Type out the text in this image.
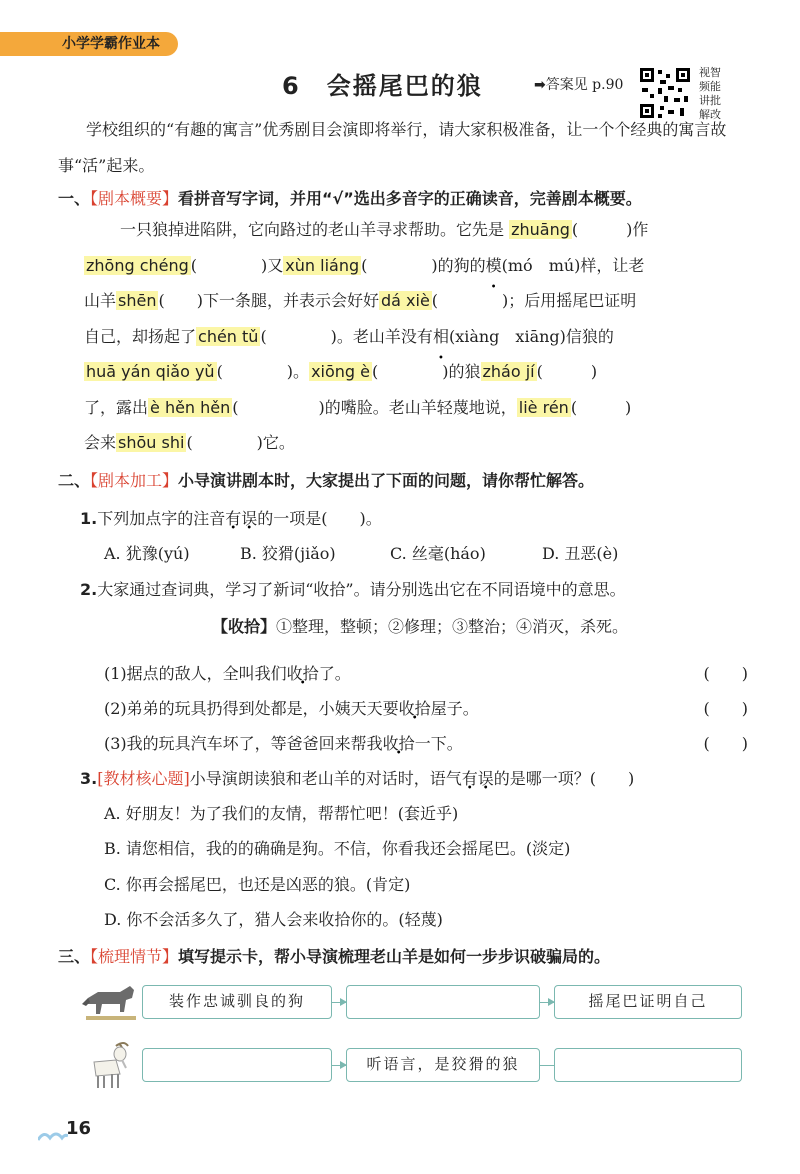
小学学霸作业本
6 会摇尾巴的狼	➡答案见 p.90
视智
频能
讲批
解改
学校组织的“有趣的寓言”优秀剧目会演即将举行，请大家积极准备，让一个个经典的寓言故事“活”起来。
一、【剧本概要】看拼音写字词，并用“√”选出多音字的正确读音，完善剧本概要。
一只狼掉进陷阱，它向路过的老山羊寻求帮助。它先是 zhuāng (　　　)作
zhōng chéng (　　　　)又 xùn liáng (　　　　)的狗的模(mó　mú)样，让老
山羊 shēn (　　)下一条腿，并表示会好好 dá xiè (　　　　)；后用摇尾巴证明
自己，却扬起了 chén tǔ (　　　　)。老山羊没有相(xiàng　xiāng)信狼的
huā yán qiǎo yǔ (　　　　)。 xiōng è (　　　　)的狼 zháo jí (　　　)
了，露出 è hěn hěn (　　　　　)的嘴脸。老山羊轻蔑地说， liè rén (　　　)
会来 shōu shi (　　　　)它。
二、【剧本加工】小导演讲剧本时，大家提出了下面的问题，请你帮忙解答。
1.下列加点字的注音有误的一项是(　　)。
A. 犹豫(yú)	B. 狡猾(jiǎo)	C. 丝毫(háo)	D. 丑恶(è)
2.大家通过查词典，学习了新词“收拾”。请分别选出它在不同语境中的意思。
【收拾】①整理，整顿；②修理；③整治；④消灭，杀死。
(1)据点的敌人，全叫我们收拾了。	(　　)
(2)弟弟的玩具扔得到处都是，小姨天天要收拾屋子。	(　　)
(3)我的玩具汽车坏了，等爸爸回来帮我收拾一下。	(　　)
3.[教材核心题]小导演朗读狼和老山羊的对话时，语气有误的是哪一项？(　　)
A. 好朋友！为了我们的友情，帮帮忙吧！(套近乎)
B. 请您相信，我的的确确是狗。不信，你看我还会摇尾巴。(淡定)
C. 你再会摇尾巴，也还是凶恶的狼。(肯定)
D. 你不会活多久了，猎人会来收拾你的。(轻蔑)
三、【梳理情节】填写提示卡，帮小导演梳理老山羊是如何一步步识破骗局的。
装作忠诚驯良的狗	摇尾巴证明自己
听语言，是狡猾的狼
16
